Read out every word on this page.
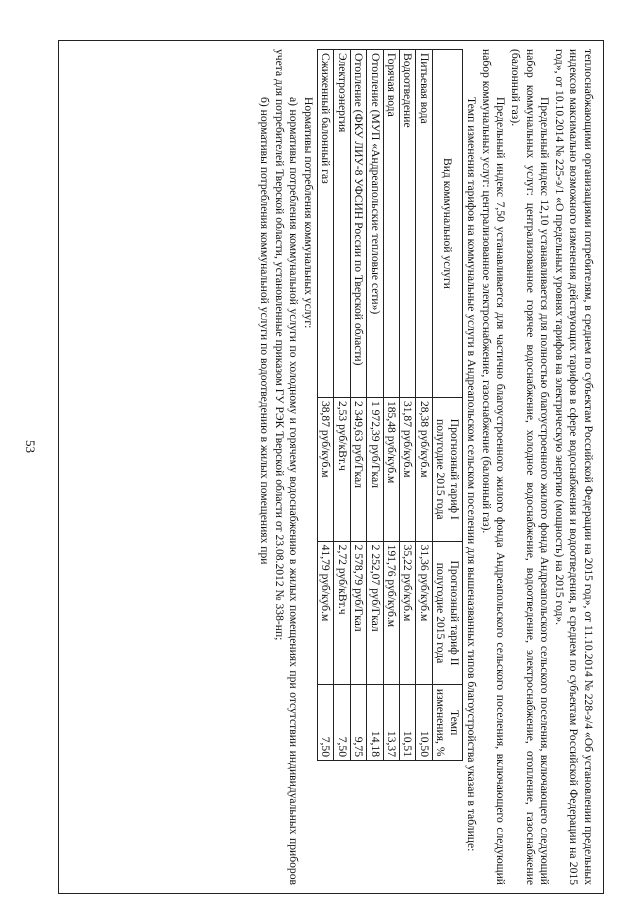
53	теплоснабжающими организациями потребителям, в среднем по субъектам Российской Федерации на 2015 год», от 11.10.2014 № 228-э/4 «Об установлении предельных индексов максимально возможного изменения действующих тарифов в сфере водоснабжения и водоотведения, в среднем по субъектам Российской Федерации на 2015 год», от 10.10.2014 № 225-э/1 «О предельных уровнях тарифов на электрическую энергию (мощность) на 2015 год».

Предельный индекс 12,10 устанавливается для полностью благоустроенного жилого фонда Андреапольского сельского поселения, включающего следующий набор коммунальных услуг: централизованное горячее водоснабжение, холодное водоснабжение, водоотведение, электроснабжение, отопление, газоснабжение (балонный газ).

Предельный индекс 7,50 устанавливается для частично благоустроенного жилого фонда Андреапольского сельского поселения, включающего следующий набор коммунальных услуг: централизованное электроснабжение, газоснабжение (балонный газ).

Темп изменения тарифов на коммунальные услуги в Андреапольском сельском поселении для вышеназванных типов благоустройства указан в таблице:

Вид коммунальной услуги	Прогнозный тариф I полугодие 2015 года	Прогнозный тариф II полугодие 2015 года	Темп изменения, %
Питьевая вода	28,38 руб/куб.м	31,36 руб/куб.м	10,50
Водоотведение	31,87 руб/куб.м	35,22 руб/куб.м	10,51
Горячая вода	185,48 руб/куб.м	191,76 руб/куб.м	13,37
Отопление (МУП «Андреапольские тепловые сети»)	1 972,39 руб/Гкал	2 252,07 руб/Гкал	14,18
Отопление (ФКУ ЛИУ-8 УФСИН России по Тверской области)	2 349,63 руб/Гкал	2 578,79 руб/Гкал	9,75
Электроэнергия	2,53 руб/кВт.ч	2,72 руб/кВт.ч	7,50
Сжиженный балонный газ	38,87 руб/куб.м	41,79 руб/куб.м	7,50

Нормативы потребления коммунальных услуг:

а) нормативы потребления коммунальной услуги по холодному и горячему водоснабжению в жилых помещениях при отсутствии индивидуальных приборов учета для потребителей Тверской области, установленные приказом ГУ РЭК Тверской области от 23.08.2012 № 338-нп;

б) нормативы потребления коммунальной услуги по водоотведению в жилых помещениях при
